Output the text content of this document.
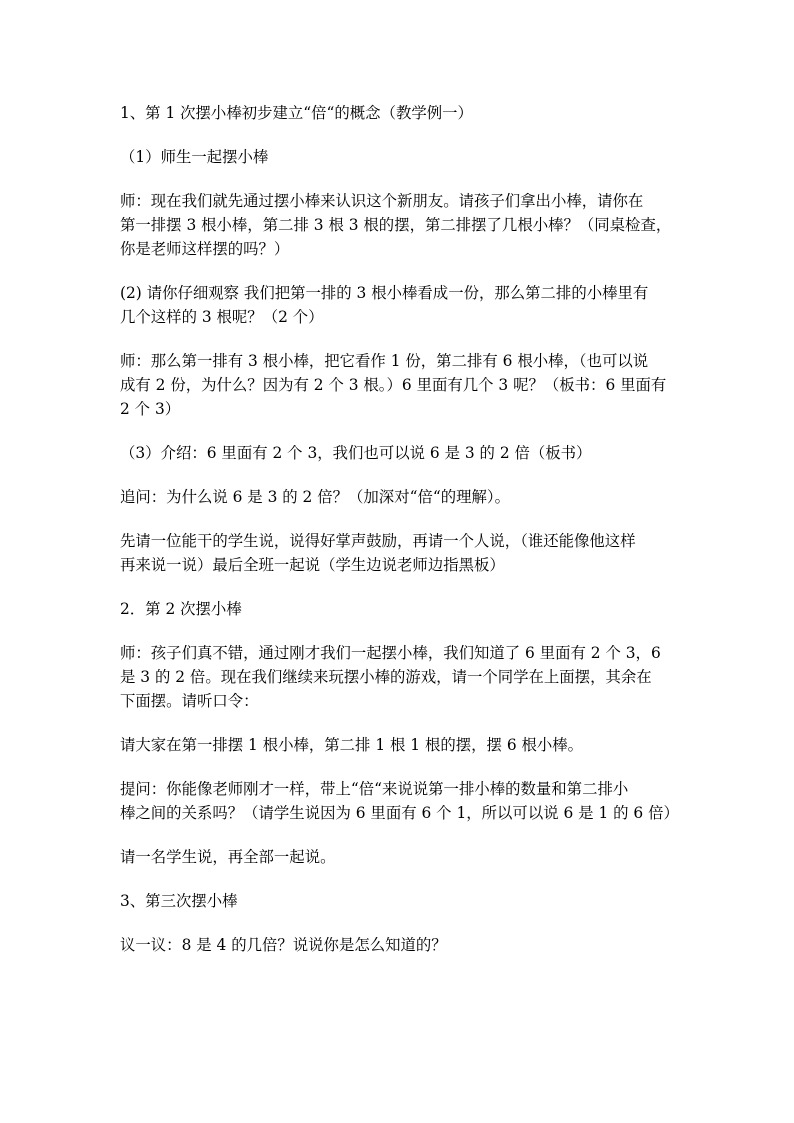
1、第 1 次摆小棒初步建立“倍“的概念（教学例一）

（1）师生一起摆小棒

师：现在我们就先通过摆小棒来认识这个新朋友。请孩子们拿出小棒，请你在
第一排摆 3 根小棒，第二排 3 根 3 根的摆，第二排摆了几根小棒？（同桌检查，
你是老师这样摆的吗？）

(2) 请你仔细观察 我们把第一排的 3 根小棒看成一份，那么第二排的小棒里有
几个这样的 3 根呢？（2 个）

师：那么第一排有 3 根小棒，把它看作 1 份，第二排有 6 根小棒，（也可以说
成有 2 份，为什么？因为有 2 个 3 根。）6 里面有几个 3 呢？（板书：6 里面有
2 个 3）

（3）介绍：6 里面有 2 个 3，我们也可以说 6 是 3 的 2 倍（板书）

追问：为什么说 6 是 3 的 2 倍？（加深对“倍“的理解）。

先请一位能干的学生说，说得好掌声鼓励，再请一个人说，（谁还能像他这样
再来说一说）最后全班一起说（学生边说老师边指黑板）

2．第 2 次摆小棒

师：孩子们真不错，通过刚才我们一起摆小棒，我们知道了 6 里面有 2 个 3，6
是 3 的 2 倍。现在我们继续来玩摆小棒的游戏，请一个同学在上面摆，其余在
下面摆。请听口令：

请大家在第一排摆 1 根小棒，第二排 1 根 1 根的摆，摆 6 根小棒。

提问：你能像老师刚才一样，带上“倍“来说说第一排小棒的数量和第二排小
棒之间的关系吗？（请学生说因为 6 里面有 6 个 1，所以可以说 6 是 1 的 6 倍）

请一名学生说，再全部一起说。

3、第三次摆小棒

议一议：8 是 4 的几倍？说说你是怎么知道的？
